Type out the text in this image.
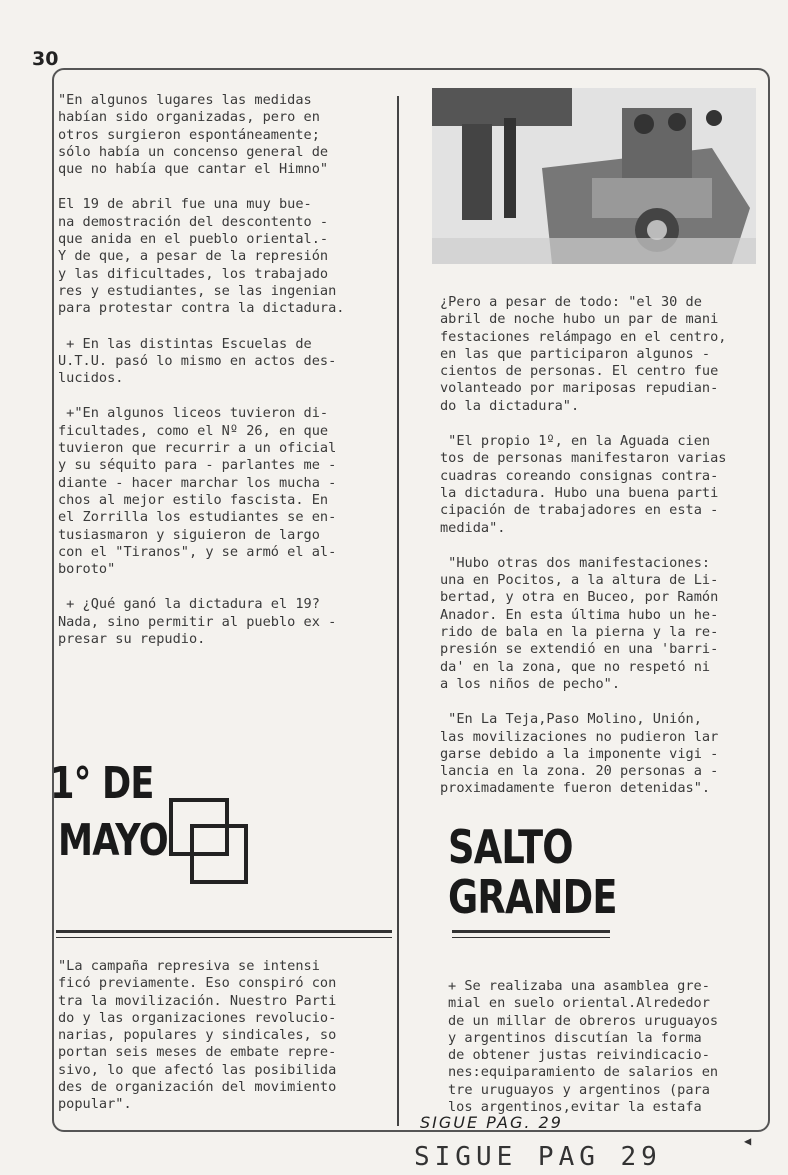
30

"En algunos lugares las medidas
habían sido organizadas, pero en
otros surgieron espontáneamente;
sólo había un concenso general de
que no había que cantar el Himno"

El 19 de abril fue una muy bue-
na demostración del descontento -
que anida en el pueblo oriental.-
Y de que, a pesar de la represión
y las dificultades, los trabajado
res y estudiantes, se las ingenian
para protestar contra la dictadura.

+ En las distintas Escuelas de
U.T.U. pasó lo mismo en actos des-
lucidos.

+"En algunos liceos tuvieron di-
ficultades, como el Nº 26, en que
tuvieron que recurrir a un oficial
y su séquito para - parlantes me -
diante - hacer marchar los mucha -
chos al mejor estilo fascista. En
el Zorrilla los estudiantes se en-
tusiasmaron y siguieron de largo
con el "Tiranos", y se armó el al-
boroto"

+ ¿Qué ganó la dictadura el 19?
Nada, sino permitir al pueblo ex -
presar su repudio.

1° DE
MAYO

"La campaña represiva se intensi
ficó previamente. Eso conspiró con
tra la movilización. Nuestro Parti
do y las organizaciones revolucio-
narias, populares y sindicales, so
portan seis meses de embate repre-
sivo, lo que afectó las posibilida
des de organización del movimiento
popular".

¿Pero a pesar de todo: "el 30 de
abril de noche hubo un par de mani
festaciones relámpago en el centro,
en las que participaron algunos -
cientos de personas. El centro fue
volanteado por mariposas repudian-
do la dictadura".

"El propio 1º, en la Aguada cien
tos de personas manifestaron varias
cuadras coreando consignas contra-
la dictadura. Hubo una buena parti
cipación de trabajadores en esta -
medida".

"Hubo otras dos manifestaciones:
una en Pocitos, a la altura de Li-
bertad, y otra en Buceo, por Ramón
Anador. En esta última hubo un he-
rido de bala en la pierna y la re-
presión se extendió en una 'barri-
da' en la zona, que no respetó ni
a los niños de pecho".

"En La Teja,Paso Molino, Unión,
las movilizaciones no pudieron lar
garse debido a la imponente vigi -
lancia en la zona. 20 personas a -
proximadamente fueron detenidas".

SALTO
GRANDE

+ Se realizaba una asamblea gre-
mial en suelo oriental.Alrededor
de un millar de obreros uruguayos
y argentinos discutían la forma
de obtener justas reivindicacio-
nes:equiparamiento de salarios en
tre uruguayos y argentinos (para
los argentinos,evitar la estafa

SIGUE PAG. 29
◀
SIGUE PAG 29
